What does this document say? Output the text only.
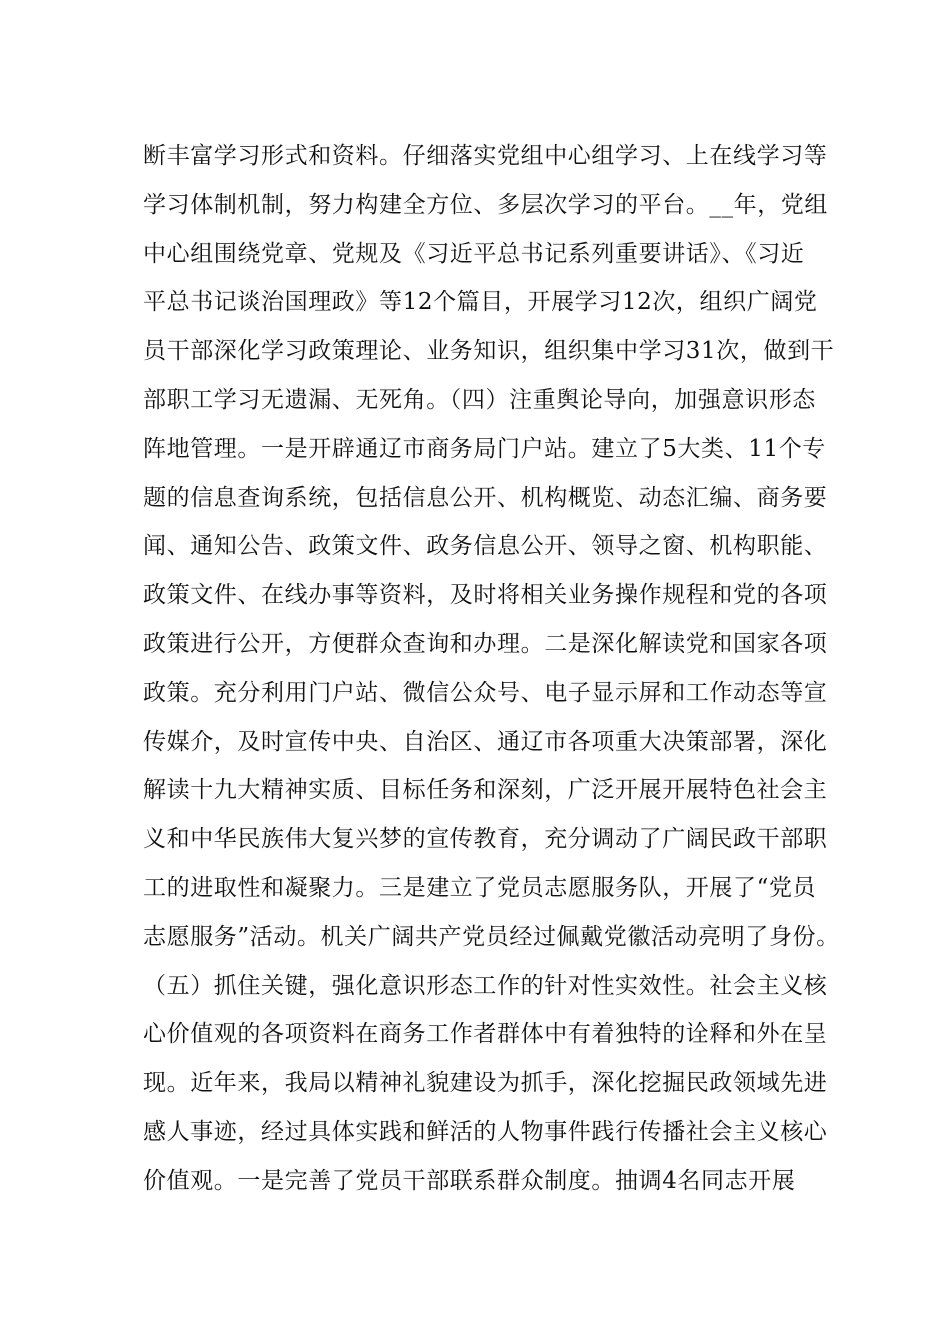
断丰富学习形式和资料。仔细落实党组中心组学习、上在线学习等
学习体制机制，努力构建全方位、多层次学习的平台。__年，党组
中心组围绕党章、党规及《习近平总书记系列重要讲话》、《习近
平总书记谈治国理政》等12个篇目，开展学习12次，组织广阔党
员干部深化学习政策理论、业务知识，组织集中学习31次，做到干
部职工学习无遗漏、无死角。（四）注重舆论导向，加强意识形态
阵地管理。一是开辟通辽市商务局门户站。建立了5大类、11个专
题的信息查询系统，包括信息公开、机构概览、动态汇编、商务要
闻、通知公告、政策文件、政务信息公开、领导之窗、机构职能、
政策文件、在线办事等资料，及时将相关业务操作规程和党的各项
政策进行公开，方便群众查询和办理。二是深化解读党和国家各项
政策。充分利用门户站、微信公众号、电子显示屏和工作动态等宣
传媒介，及时宣传中央、自治区、通辽市各项重大决策部署，深化
解读十九大精神实质、目标任务和深刻，广泛开展开展特色社会主
义和中华民族伟大复兴梦的宣传教育，充分调动了广阔民政干部职
工的进取性和凝聚力。三是建立了党员志愿服务队，开展了“党员
志愿服务”活动。机关广阔共产党员经过佩戴党徽活动亮明了身份。
（五）抓住关键，强化意识形态工作的针对性实效性。社会主义核
心价值观的各项资料在商务工作者群体中有着独特的诠释和外在呈
现。近年来，我局以精神礼貌建设为抓手，深化挖掘民政领域先进
感人事迹，经过具体实践和鲜活的人物事件践行传播社会主义核心
价值观。一是完善了党员干部联系群众制度。抽调4名同志开展
